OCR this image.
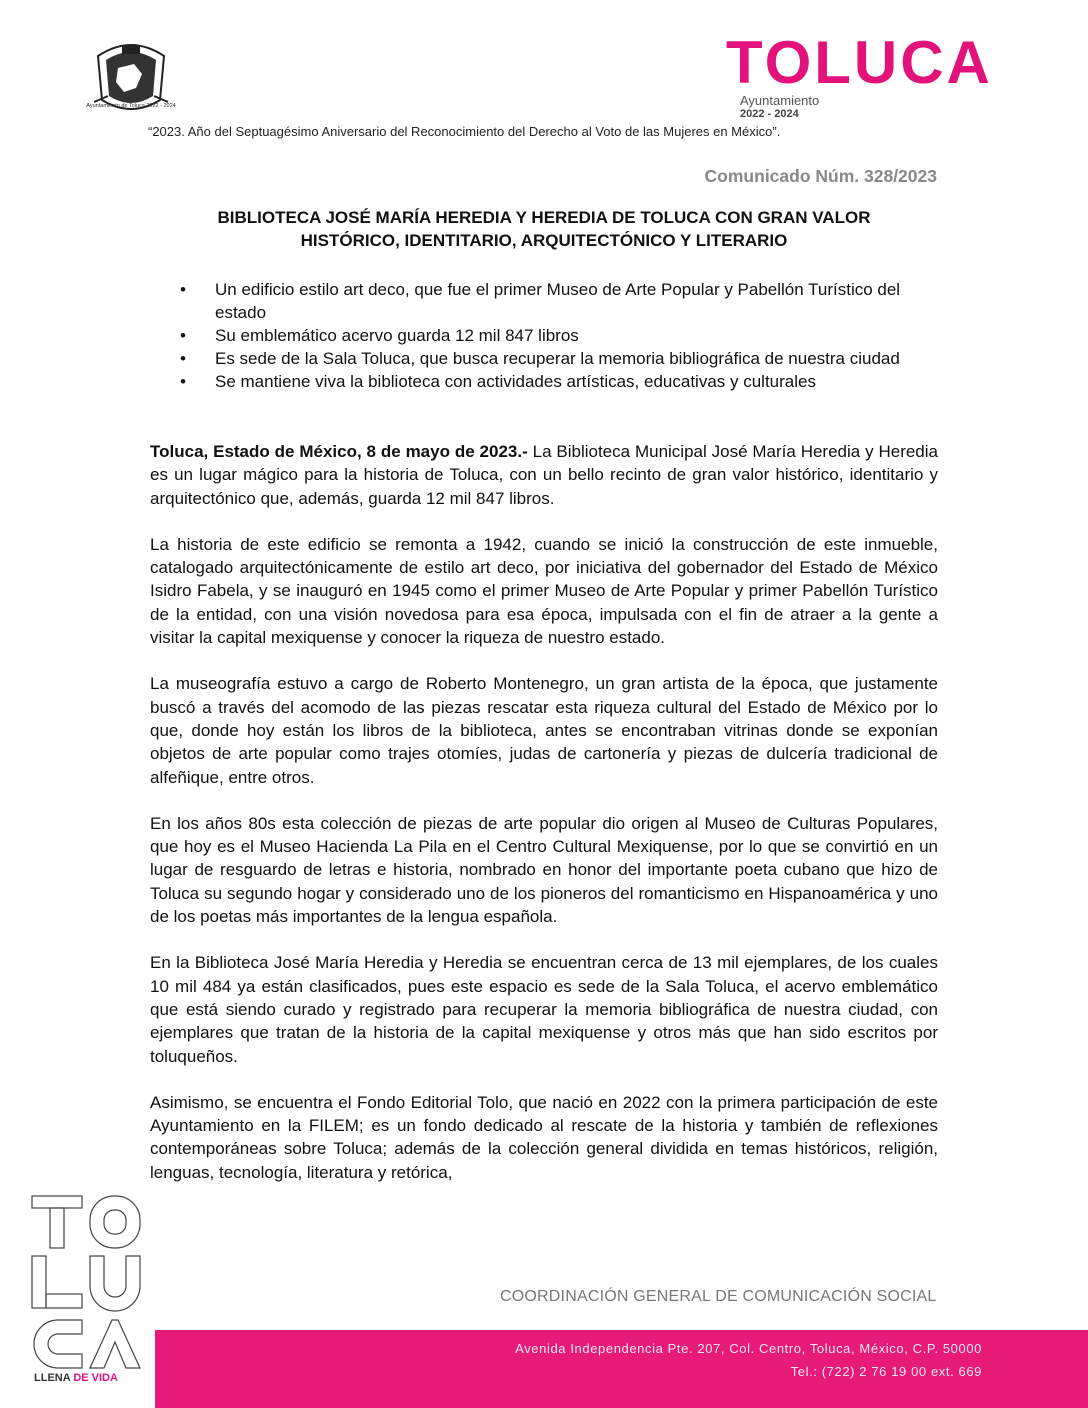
Ayuntamiento de Toluca 2022 - 2024
TOLUCA
Ayuntamiento
2022 - 2024
“2023. Año del Septuagésimo Aniversario del Reconocimiento del Derecho al Voto de las Mujeres en México”.
Comunicado Núm. 328/2023
BIBLIOTECA JOSÉ MARÍA HEREDIA Y HEREDIA DE TOLUCA CON GRAN VALOR
HISTÓRICO, IDENTITARIO, ARQUITECTÓNICO Y LITERARIO
• Un edificio estilo art deco, que fue el primer Museo de Arte Popular y Pabellón Turístico del estado
• Su emblemático acervo guarda 12 mil 847 libros
• Es sede de la Sala Toluca, que busca recuperar la memoria bibliográfica de nuestra ciudad
• Se mantiene viva la biblioteca con actividades artísticas, educativas y culturales

Toluca, Estado de México, 8 de mayo de 2023.- La Biblioteca Municipal José María Heredia y Heredia es un lugar mágico para la historia de Toluca, con un bello recinto de gran valor histórico, identitario y arquitectónico que, además, guarda 12 mil 847 libros.

La historia de este edificio se remonta a 1942, cuando se inició la construcción de este inmueble, catalogado arquitectónicamente de estilo art deco, por iniciativa del gobernador del Estado de México Isidro Fabela, y se inauguró en 1945 como el primer Museo de Arte Popular y primer Pabellón Turístico de la entidad, con una visión novedosa para esa época, impulsada con el fin de atraer a la gente a visitar la capital mexiquense y conocer la riqueza de nuestro estado.

La museografía estuvo a cargo de Roberto Montenegro, un gran artista de la época, que justamente buscó a través del acomodo de las piezas rescatar esta riqueza cultural del Estado de México por lo que, donde hoy están los libros de la biblioteca, antes se encontraban vitrinas donde se exponían objetos de arte popular como trajes otomíes, judas de cartonería y piezas de dulcería tradicional de alfeñique, entre otros.

En los años 80s esta colección de piezas de arte popular dio origen al Museo de Culturas Populares, que hoy es el Museo Hacienda La Pila en el Centro Cultural Mexiquense, por lo que se convirtió en un lugar de resguardo de letras e historia, nombrado en honor del importante poeta cubano que hizo de Toluca su segundo hogar y considerado uno de los pioneros del romanticismo en Hispanoamérica y uno de los poetas más importantes de la lengua española.

En la Biblioteca José María Heredia y Heredia se encuentran cerca de 13 mil ejemplares, de los cuales 10 mil 484 ya están clasificados, pues este espacio es sede de la Sala Toluca, el acervo emblemático que está siendo curado y registrado para recuperar la memoria bibliográfica de nuestra ciudad, con ejemplares que tratan de la historia de la capital mexiquense y otros más que han sido escritos por toluqueños.

Asimismo, se encuentra el Fondo Editorial Tolo, que nació en 2022 con la primera participación de este Ayuntamiento en la FILEM; es un fondo dedicado al rescate de la historia y también de reflexiones contemporáneas sobre Toluca; además de la colección general dividida en temas históricos, religión, lenguas, tecnología, literatura y retórica,

LLENA DE VIDA
COORDINACIÓN GENERAL DE COMUNICACIÓN SOCIAL
Avenida Independencia Pte. 207, Col. Centro, Toluca, México, C.P. 50000
Tel.: (722) 2 76 19 00 ext. 669
